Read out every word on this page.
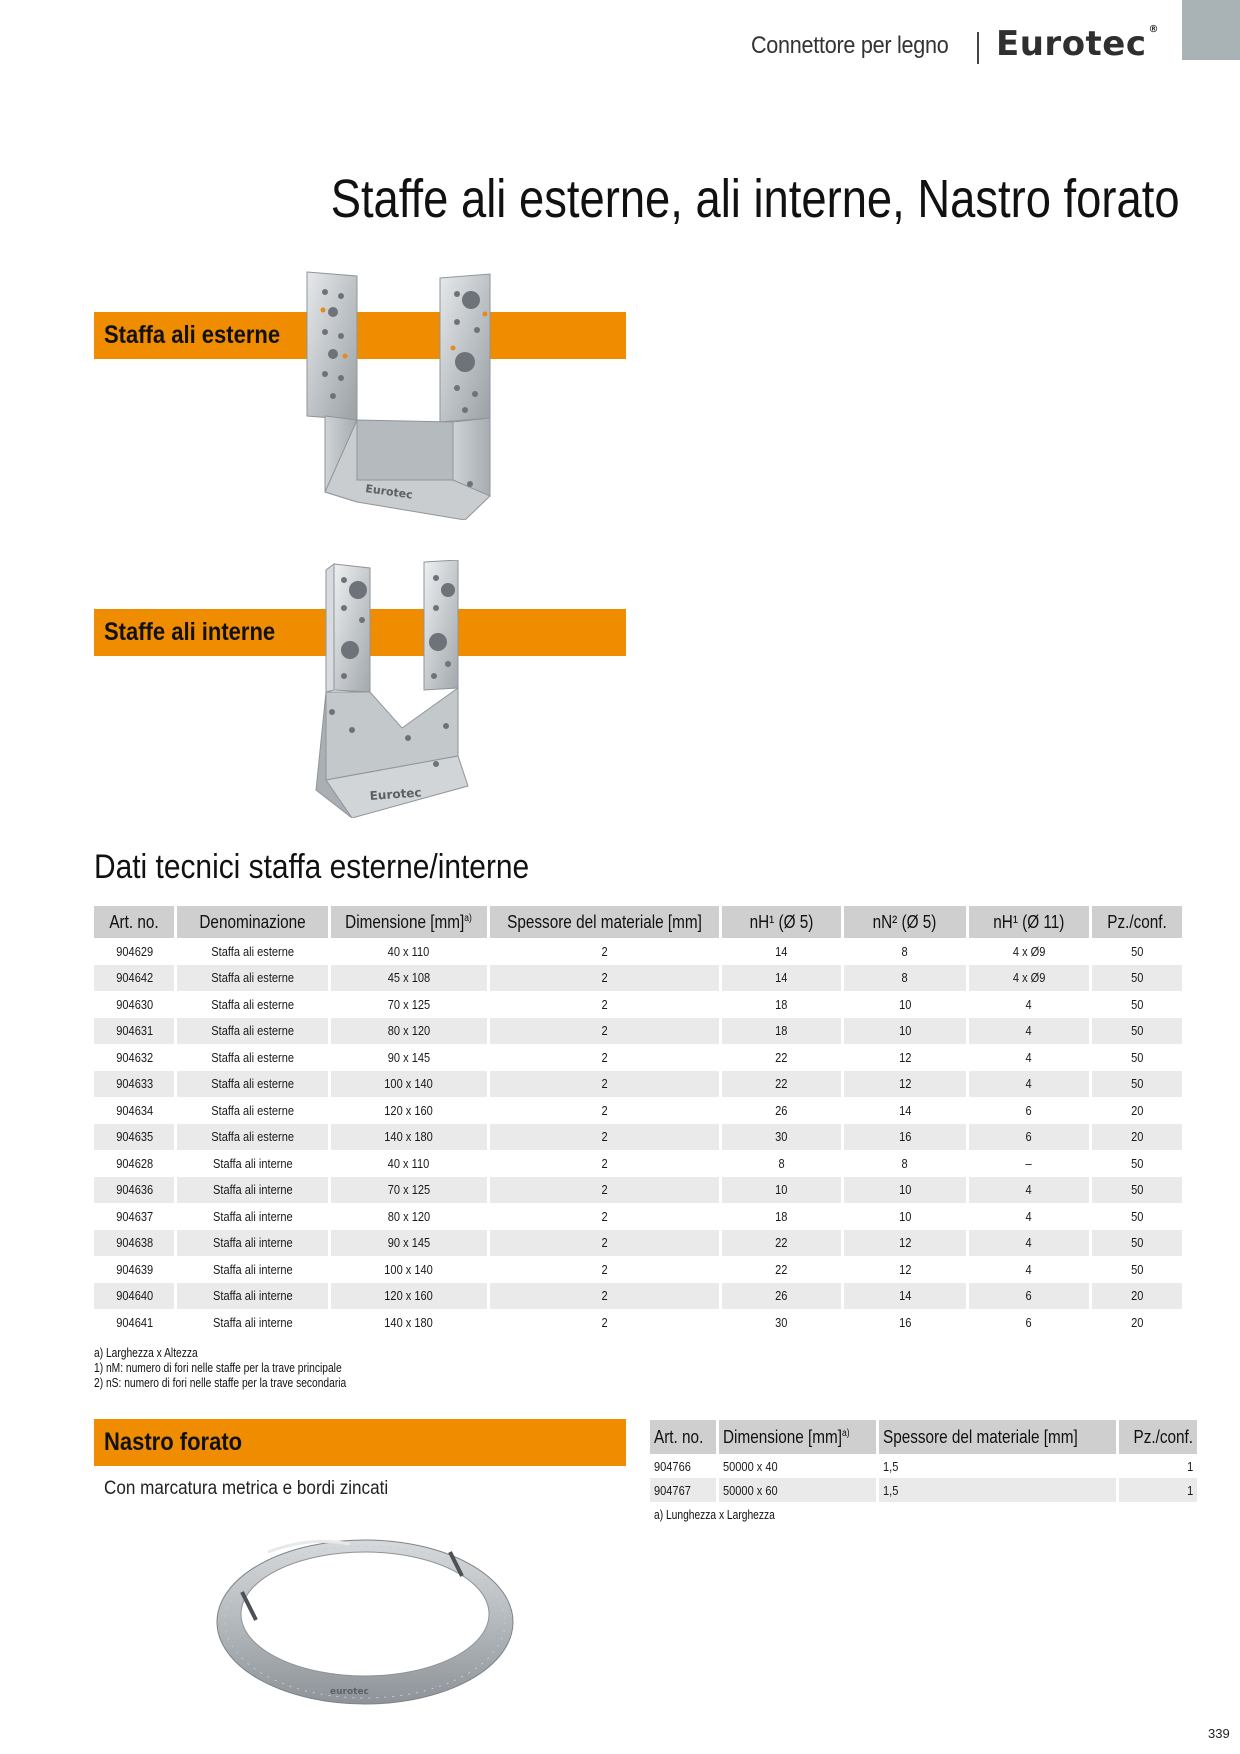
Connettore per legno Eurotec ®
Staffe ali esterne, ali interne, Nastro forato
Staffa ali esterne
Eurotec
Staffe ali interne
Eurotec
Dati tecnici staffa esterne/interne
Art. no.	Denominazione	Dimensione [mm]$^{a)}$	Spessore del materiale [mm]	nH¹ (Ø 5)	nN² (Ø 5)	nH¹ (Ø 11)	Pz./conf.
904629	Staffa ali esterne	40 x 110	2	14	8	4 x Ø9	50
904642	Staffa ali esterne	45 x 108	2	14	8	4 x Ø9	50
904630	Staffa ali esterne	70 x 125	2	18	10	4	50
904631	Staffa ali esterne	80 x 120	2	18	10	4	50
904632	Staffa ali esterne	90 x 145	2	22	12	4	50
904633	Staffa ali esterne	100 x 140	2	22	12	4	50
904634	Staffa ali esterne	120 x 160	2	26	14	6	20
904635	Staffa ali esterne	140 x 180	2	30	16	6	20
904628	Staffa ali interne	40 x 110	2	8	8	–	50
904636	Staffa ali interne	70 x 125	2	10	10	4	50
904637	Staffa ali interne	80 x 120	2	18	10	4	50
904638	Staffa ali interne	90 x 145	2	22	12	4	50
904639	Staffa ali interne	100 x 140	2	22	12	4	50
904640	Staffa ali interne	120 x 160	2	26	14	6	20
904641	Staffa ali interne	140 x 180	2	30	16	6	20
a) Larghezza x Altezza
1) nM: numero di fori nelle staffe per la trave principale
2) nS: numero di fori nelle staffe per la trave secondaria
Nastro forato
Con marcatura metrica e bordi zincati
eurotec
Art. no.	Dimensione [mm]$^{a)}$	Spessore del materiale [mm]	Pz./conf.
904766	50000 x 40	1,5	1
904767	50000 x 60	1,5	1
a) Lunghezza x Larghezza
339
